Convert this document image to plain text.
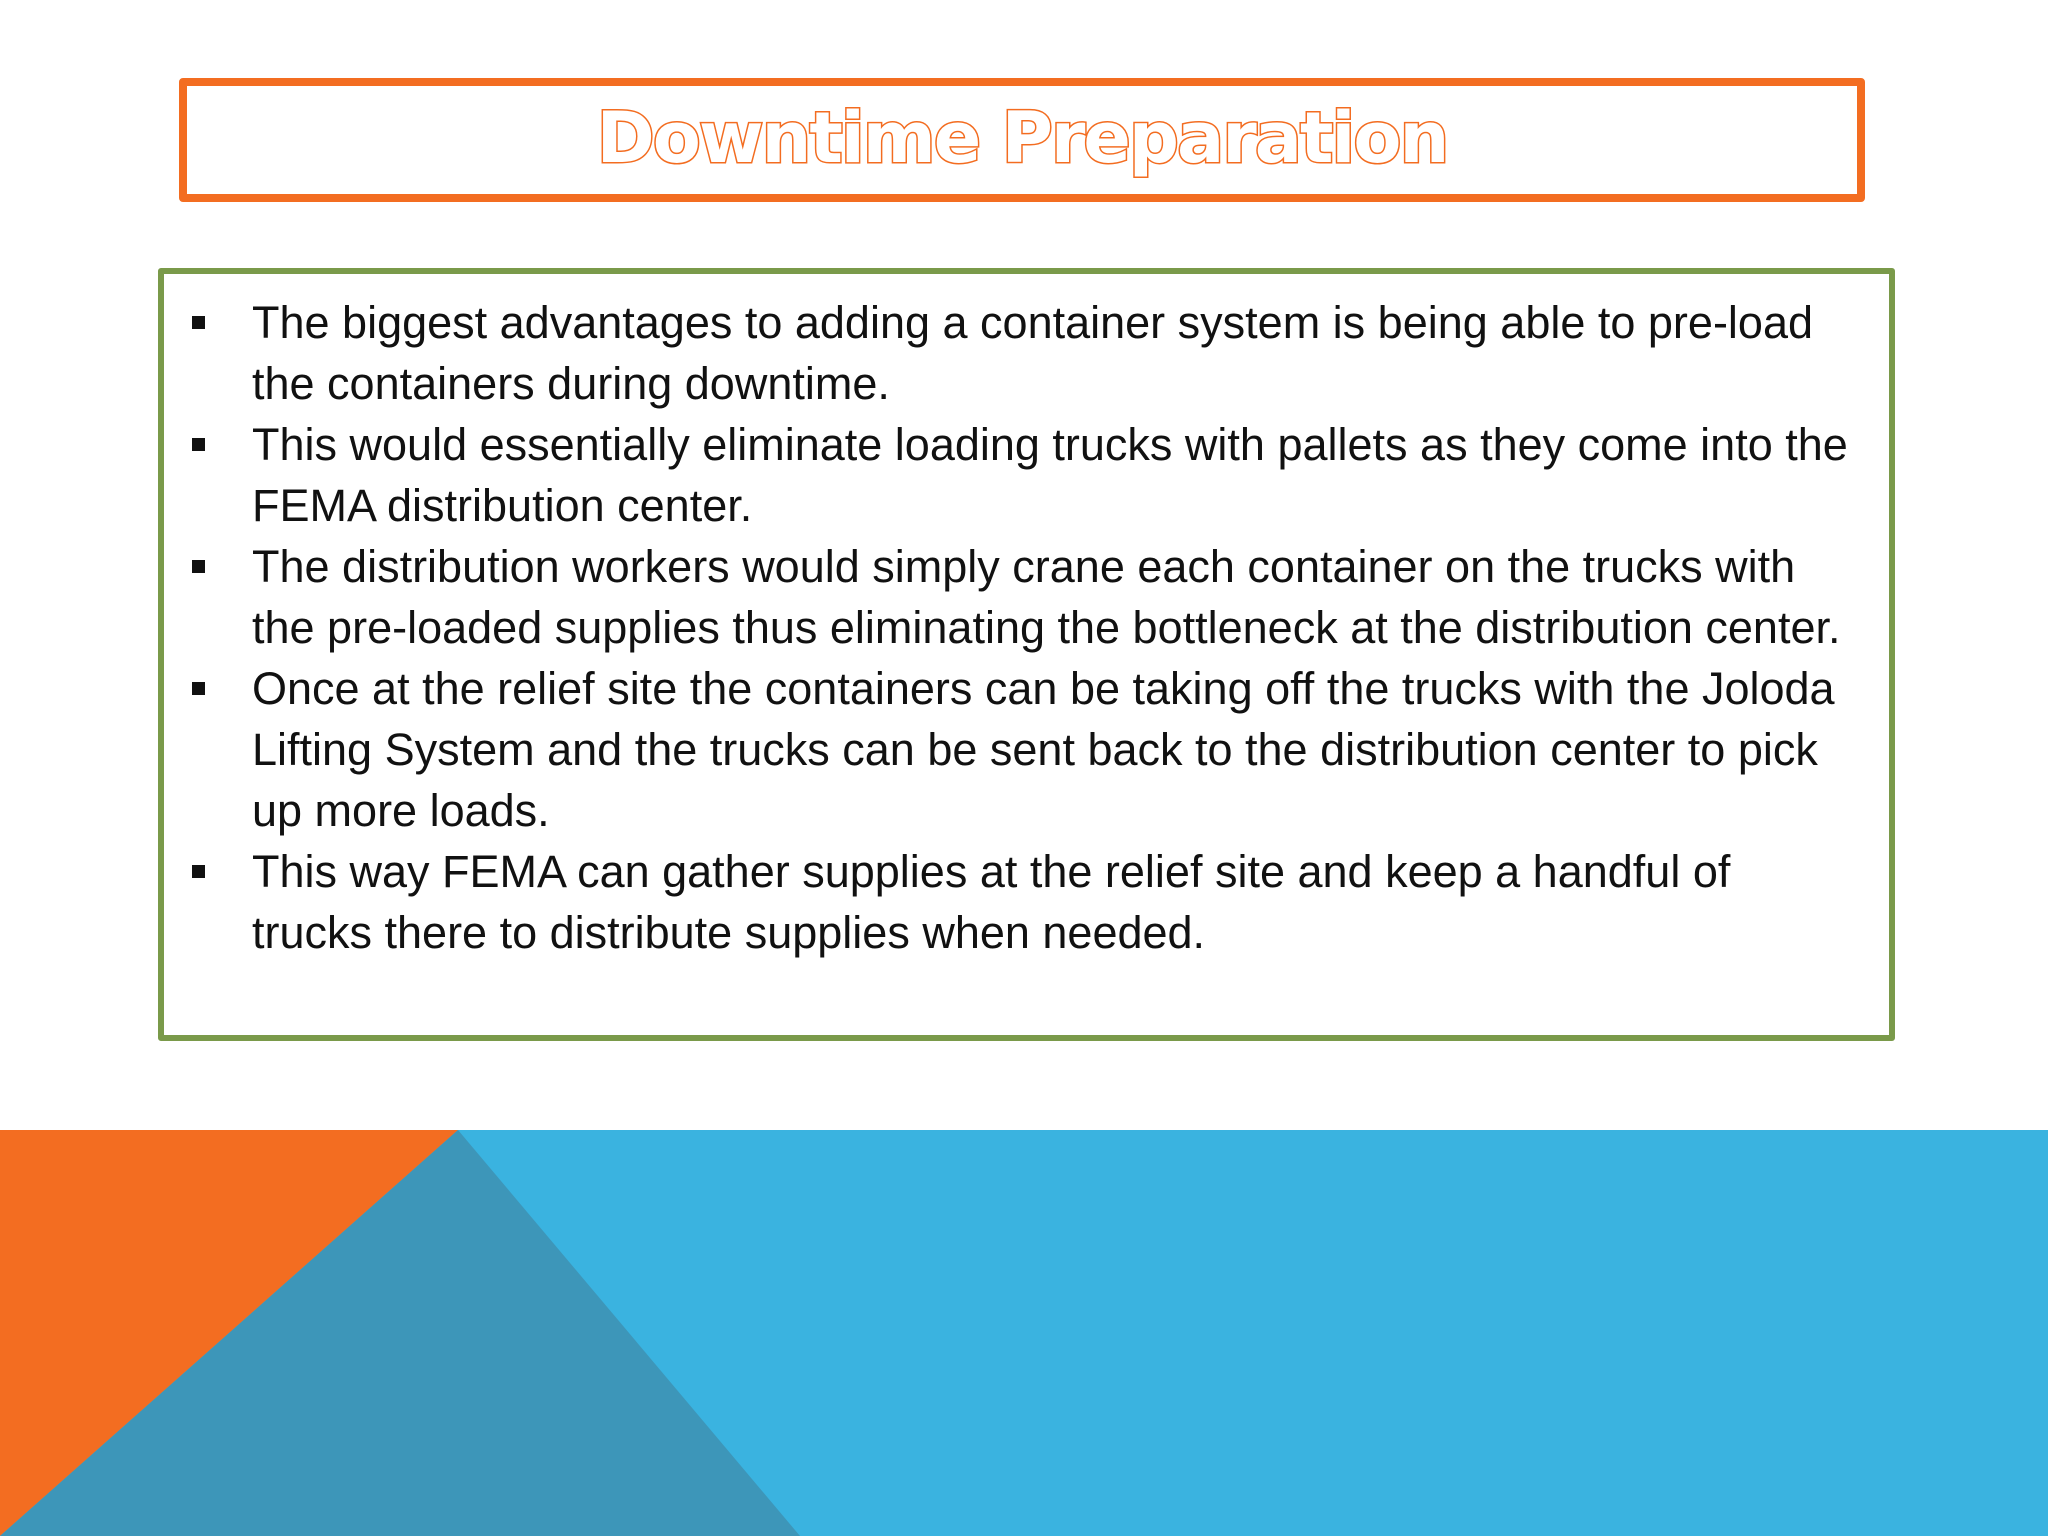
Downtime Preparation
The biggest advantages to adding a container system is being able to pre-load the containers during downtime.
This would essentially eliminate loading trucks with pallets as they come into the FEMA distribution center.
The distribution workers would simply crane each container on the trucks with the pre-loaded supplies thus eliminating the bottleneck at the distribution center.
Once at the relief site the containers can be taking off the trucks with the Joloda Lifting System and the trucks can be sent back to the distribution center to pick up more loads.
This way FEMA can gather supplies at the relief site and keep a handful of trucks there to distribute supplies when needed.
